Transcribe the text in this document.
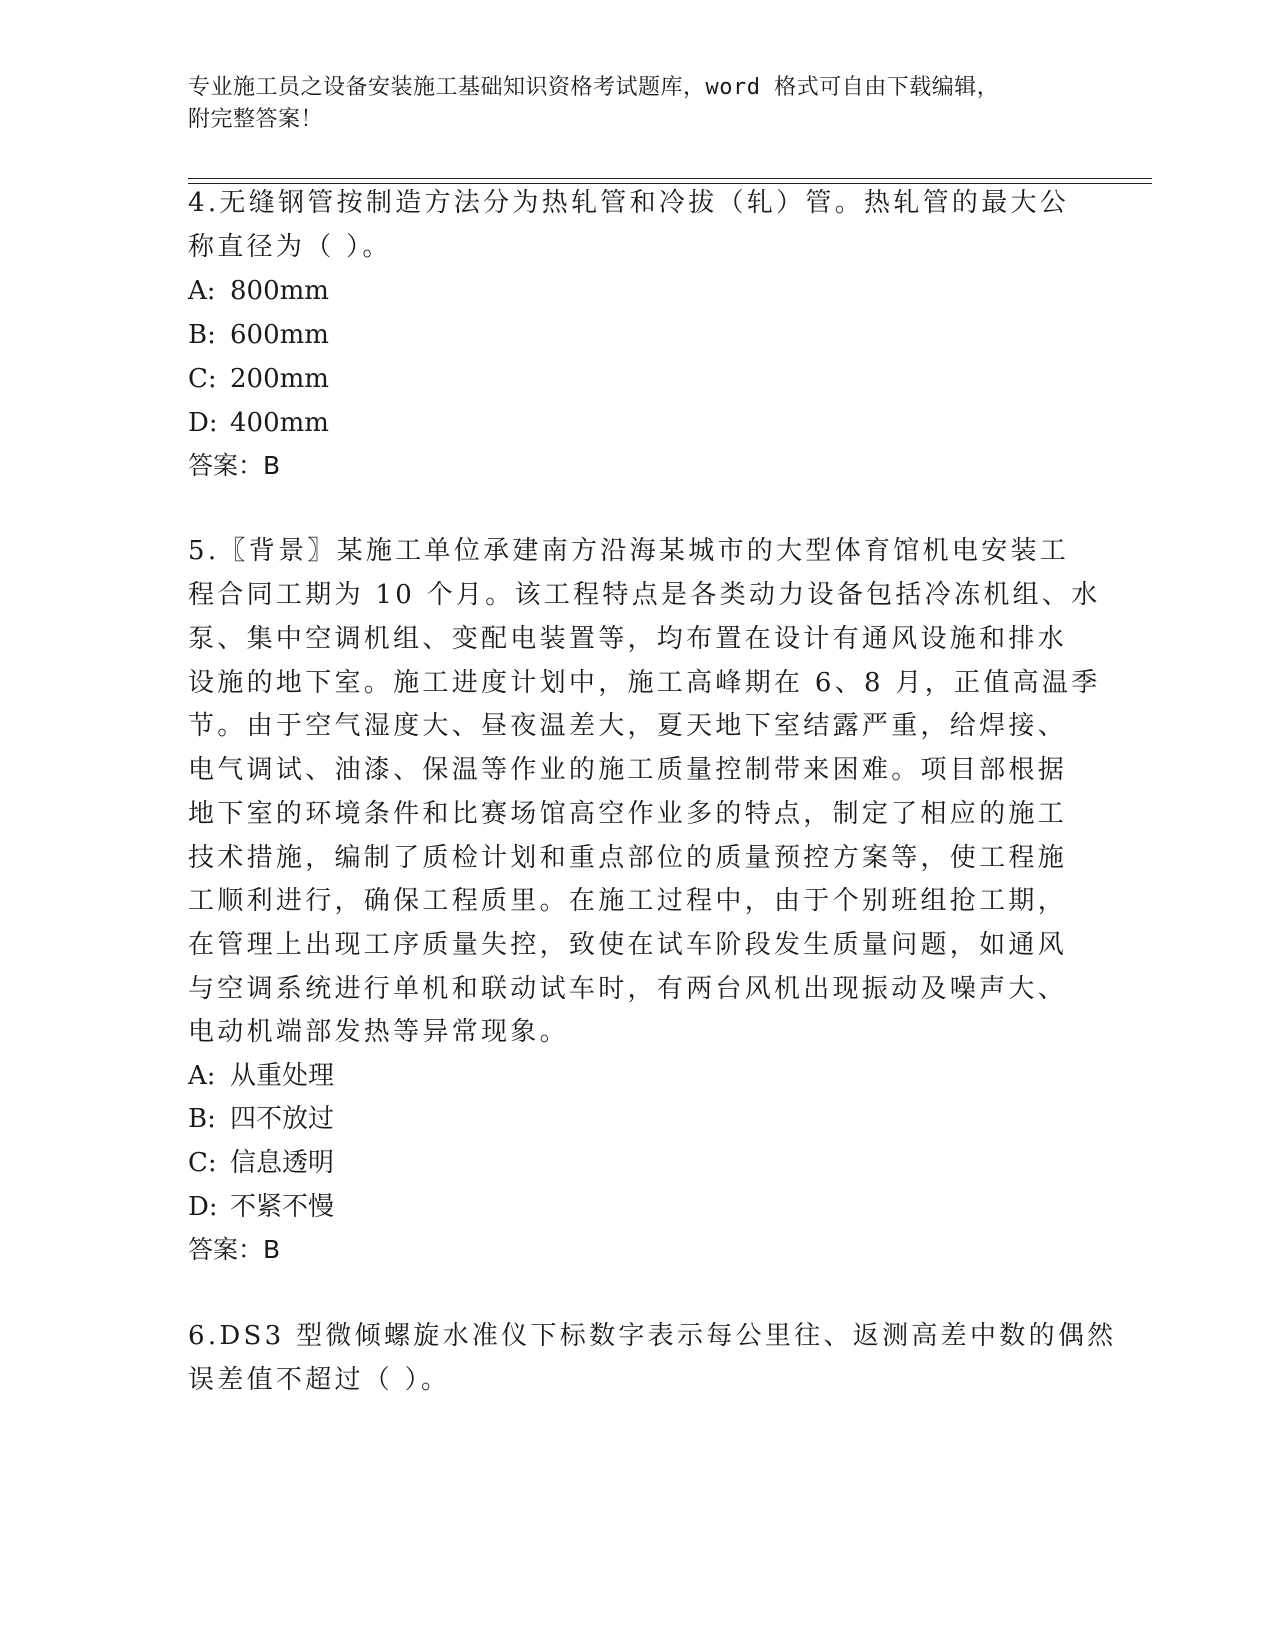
专业施工员之设备安装施工基础知识资格考试题库，word 格式可自由下载编辑，
附完整答案！
4.无缝钢管按制造方法分为热轧管和冷拔（轧）管。热轧管的最大公
称直径为（ ）。
A: 800mm
B: 600mm
C: 200mm
D: 400mm
答案：B
5.〖背景〗某施工单位承建南方沿海某城市的大型体育馆机电安装工
程合同工期为 10 个月。该工程特点是各类动力设备包括冷冻机组、水
泵、集中空调机组、变配电装置等，均布置在设计有通风设施和排水
设施的地下室。施工进度计划中，施工高峰期在 6、8 月，正值高温季
节。由于空气湿度大、昼夜温差大，夏天地下室结露严重，给焊接、
电气调试、油漆、保温等作业的施工质量控制带来困难。项目部根据
地下室的环境条件和比赛场馆高空作业多的特点，制定了相应的施工
技术措施，编制了质检计划和重点部位的质量预控方案等，使工程施
工顺利进行，确保工程质里。在施工过程中，由于个别班组抢工期，
在管理上出现工序质量失控，致使在试车阶段发生质量问题，如通风
与空调系统进行单机和联动试车时，有两台风机出现振动及噪声大、
电动机端部发热等异常现象。
A: 从重处理
B: 四不放过
C: 信息透明
D: 不紧不慢
答案：B
6.DS3 型微倾螺旋水准仪下标数字表示每公里往、返测高差中数的偶然
误差值不超过（ ）。
